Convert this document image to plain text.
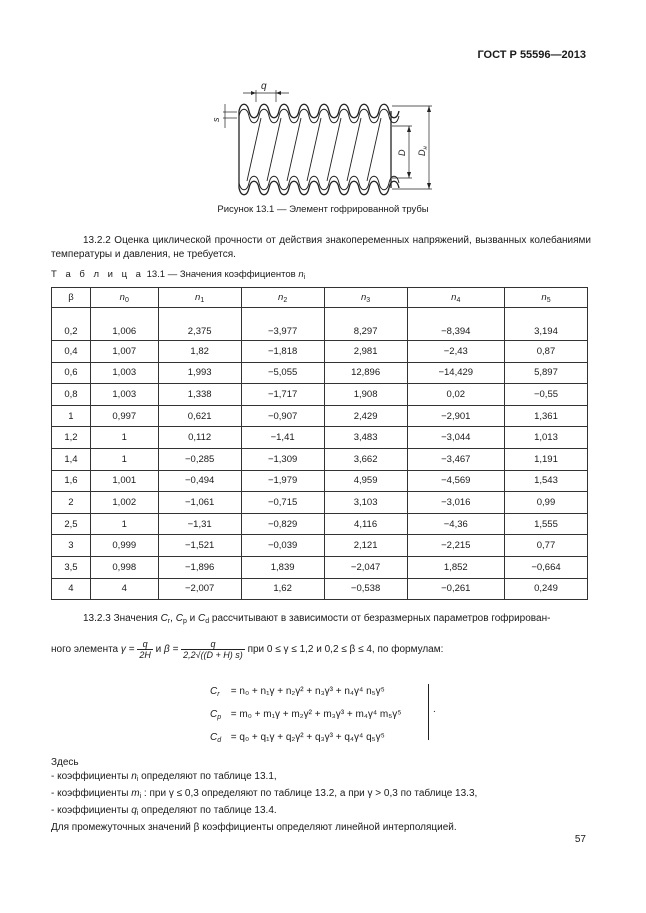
ГОСТ Р 55596—2013
q
s
D $D_н$
Рисунок 13.1 — Элемент гофрированной трубы
13.2.2 Оценка циклической прочности от действия знакопеременных напряжений, вызванных колебаниями температуры и давления, не требуется.
Т а б л и ц а 13.1 — Значения коэффициентов $n_i$
β	$n_0$	$n_1$	$n_2$	$n_3$	$n_4$	$n_5$
0,2	1,006	2,375	−3,977	8,297	−8,394	3,194
0,4	1,007	1,82	−1,818	2,981	−2,43	0,87
0,6	1,003	1,993	−5,055	12,896	−14,429	5,897
0,8	1,003	1,338	−1,717	1,908	0,02	−0,55
1	0,997	0,621	−0,907	2,429	−2,901	1,361
1,2	1	0,112	−1,41	3,483	−3,044	1,013
1,4	1	−0,285	−1,309	3,662	−3,467	1,191
1,6	1,001	−0,494	−1,979	4,959	−4,569	1,543
2	1,002	−1,061	−0,715	3,103	−3,016	0,99
2,5	1	−1,31	−0,829	4,116	−4,36	1,555
3	0,999	−1,521	−0,039	2,121	−2,215	0,77
3,5	0,998	−1,896	1,839	−2,047	1,852	−0,664
4	4	−2,007	1,62	−0,538	−0,261	0,249
13.2.3 Значения $C_r$, $C_p$ и $C_d$ рассчитывают в зависимости от безразмерных параметров гофрирован-
ного элемента $\gamma = \frac{q}{2H}$ и $\beta = \frac{q}{2,2√((D + H) s)}$ при 0 ≤ γ ≤ 1,2 и 0,2 ≤ β ≤ 4, по формулам:
$C_r = n_0 + n_1\gamma + n_2\gamma^2 + n_3\gamma^3 + n_4\gamma^4$ n₅γ⁵
$C_p = m_0 + m_1\gamma + m_2\gamma^2 + m_3\gamma^3 + m_4\gamma^4$ m₅γ⁵
$C_d = q_0 + q_1\gamma + q_2\gamma^2 + q_3\gamma^3 + q_4\gamma^4$ q₅γ⁵
.
Здесь
- коэффициенты $n_i$ определяют по таблице 13.1,
- коэффициенты $m_i$ : при γ ≤ 0,3 определяют по таблице 13.2, а при γ > 0,3 по таблице 13.3,
- коэффициенты $q_i$ определяют по таблице 13.4.
Для промежуточных значений β коэффициенты определяют линейной интерполяцией.
57
